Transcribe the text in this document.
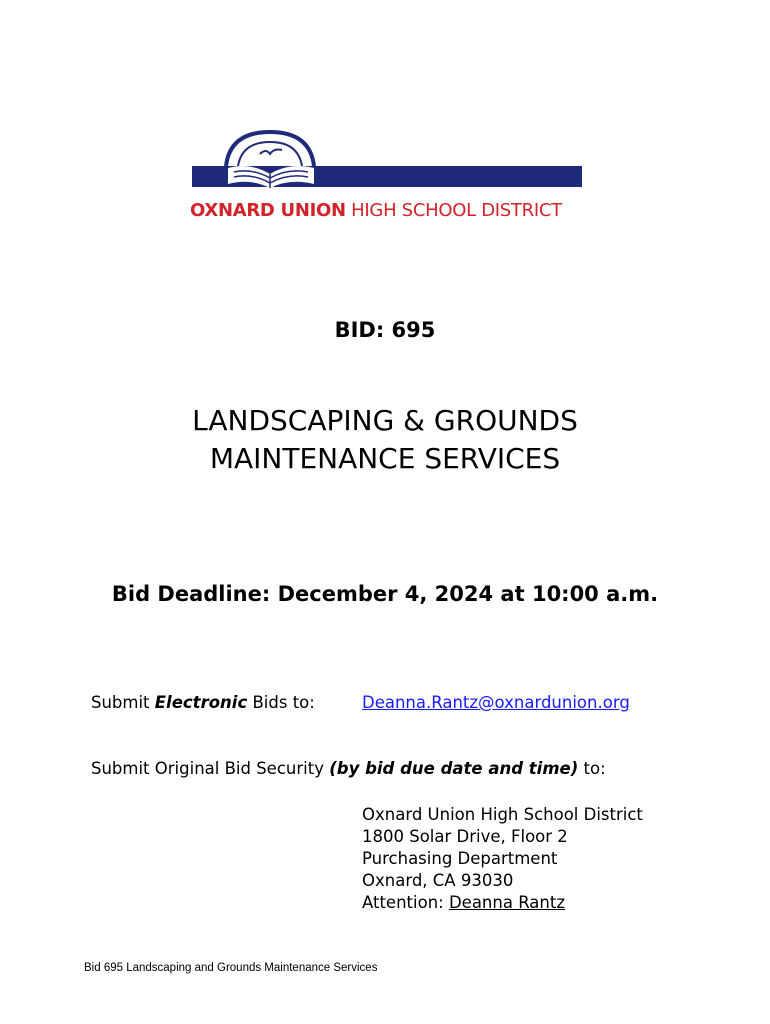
OXNARD UNION HIGH SCHOOL DISTRICT
BID: 695
LANDSCAPING & GROUNDS
MAINTENANCE SERVICES
Bid Deadline: December 4, 2024 at 10:00 a.m.
Submit Electronic Bids to:	Deanna.Rantz@oxnardunion.org
Submit Original Bid Security (by bid due date and time) to:
Oxnard Union High School District
1800 Solar Drive, Floor 2
Purchasing Department
Oxnard, CA 93030
Attention: Deanna Rantz
Bid 695 Landscaping and Grounds Maintenance Services
